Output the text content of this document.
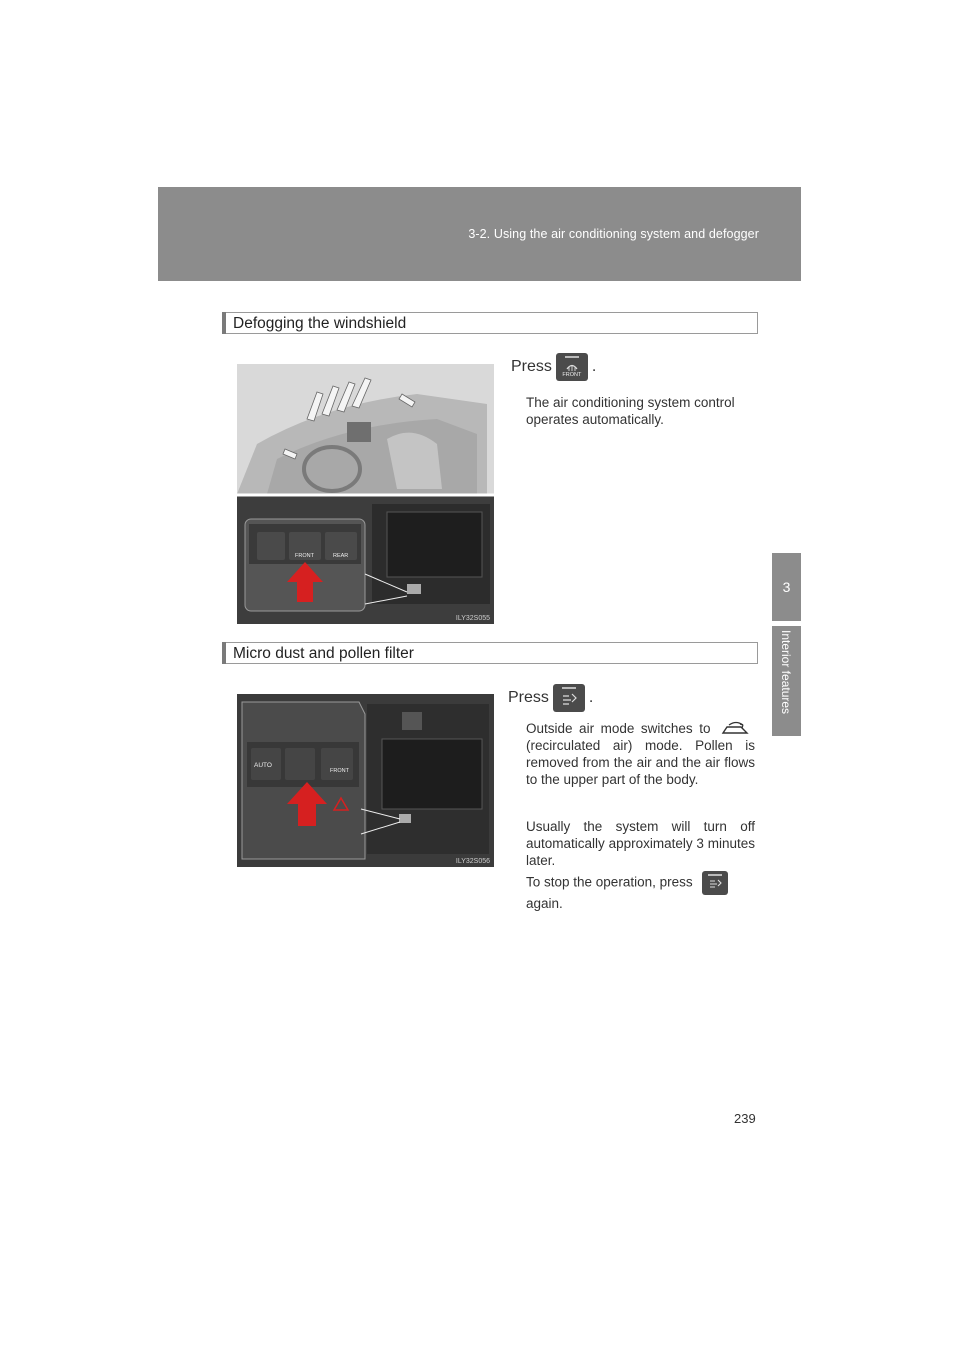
3-2. Using the air conditioning system and defogger
3
Interior features
Defogging the windshield
FRONT	REAR
ILY32S055
Press	FRONT .
The air conditioning system control operates automatically.
Micro dust and pollen filter
AUTO
FRONT
ILY32S056
Press	.
Outside air mode switches to  (recirculated air) mode. Pollen is removed from the air and the air flows to the upper part of the body.
Usually the system will turn off automatically approximately 3 minutes later.
To stop the operation, press

again.
239
